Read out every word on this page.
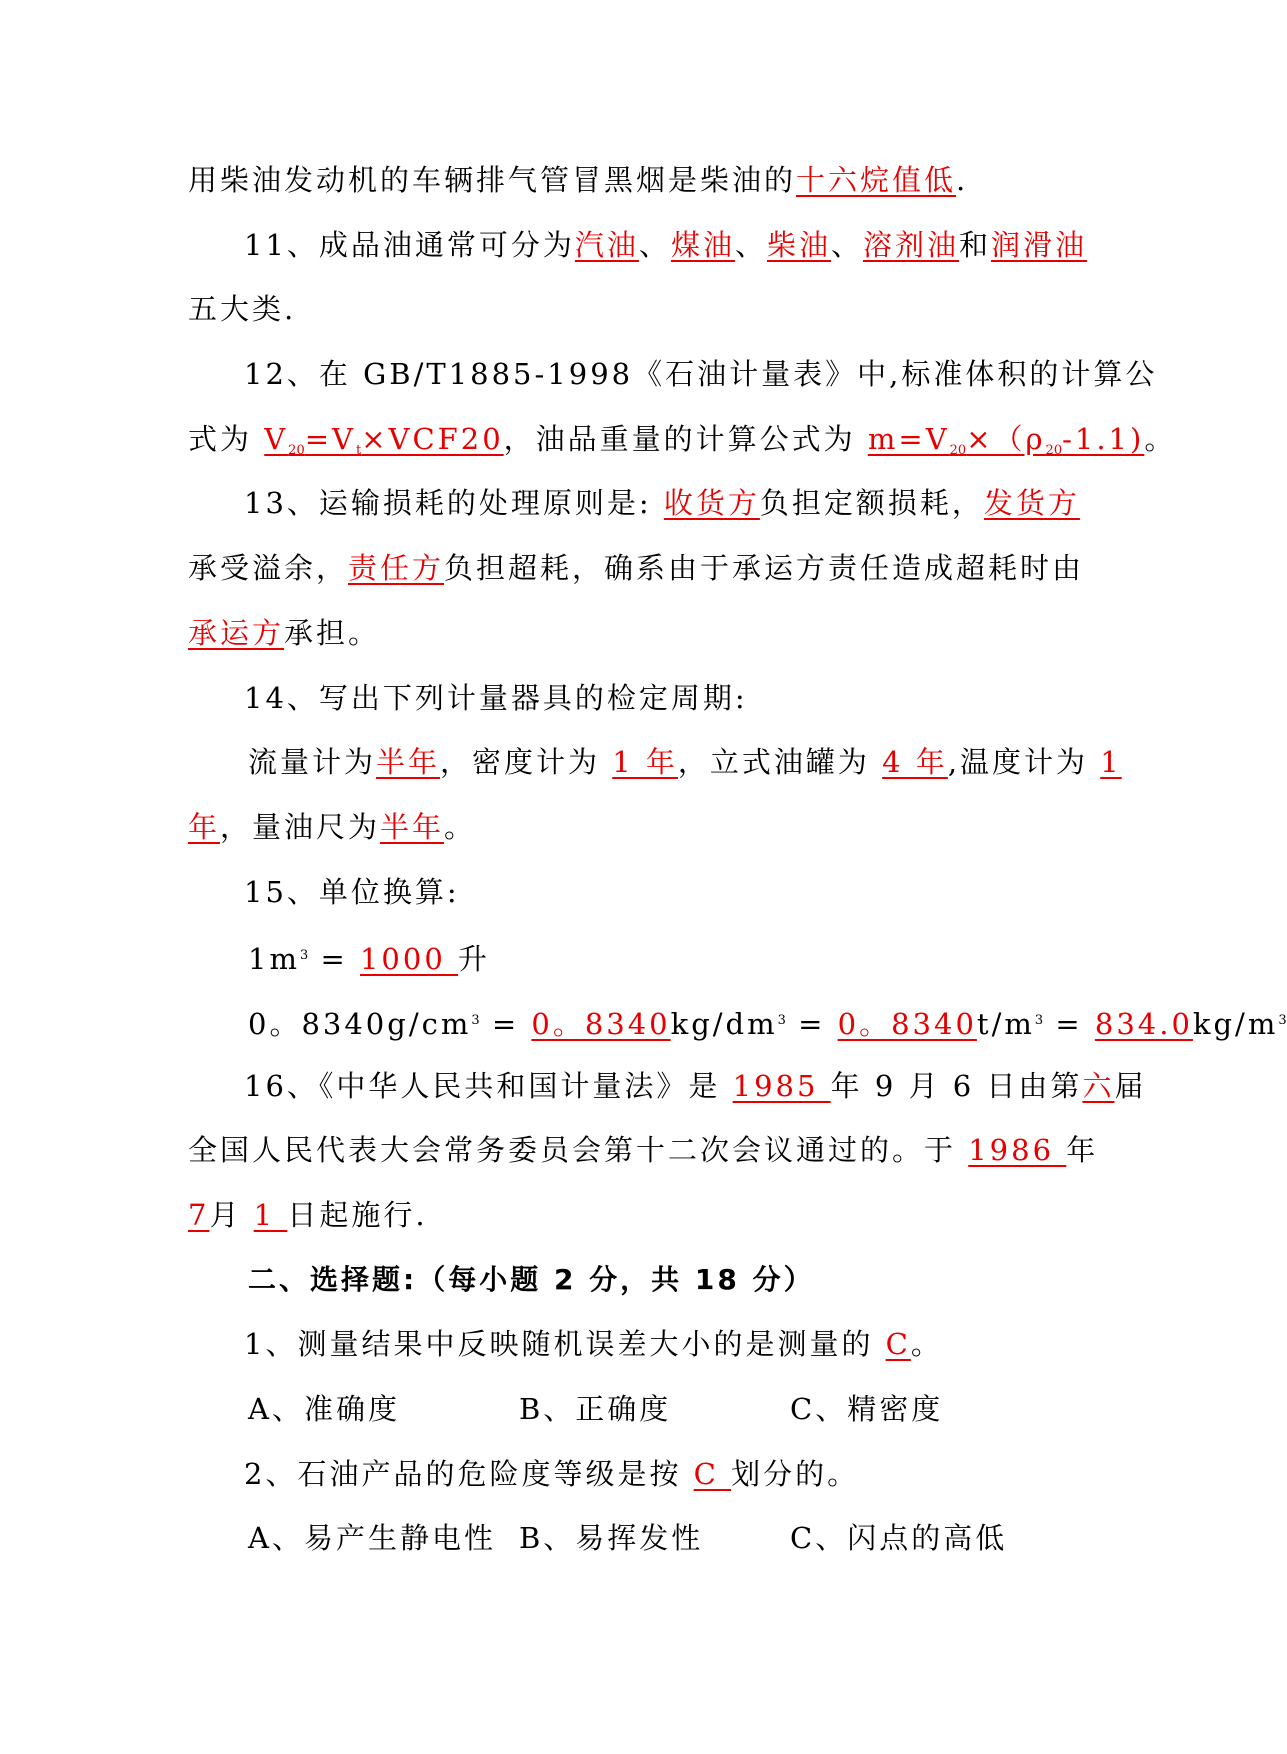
用柴油发动机的车辆排气管冒黑烟是柴油的十六烷值低.
11、成品油通常可分为汽油、煤油、柴油、溶剂油和润滑油
五大类.
12、在 GB/T1885-1998《石油计量表》中,标准体积的计算公
式为 $V_{20}=V_t\times VCF20$，油品重量的计算公式为 $m=V_{20}\times(\rho_{20}-1.1)$。
13、运输损耗的处理原则是: 收货方负担定额损耗，发货方
承受溢余，责任方负担超耗，确系由于承运方责任造成超耗时由
承运方承担。
14、写出下列计量器具的检定周期:
流量计为半年，密度计为 1 年，立式油罐为 4 年,温度计为 1
年，量油尺为半年。
15、单位换算:
$1m^3 = 1000$ 升
0。$8340g/cm^3 = 0$。$8340kg/dm^3 = 0$。$8340t/m^3 = 834.0kg/m^3$
16、《中华人民共和国计量法》是 1985 年 9 月 6 日由第六届
全国人民代表大会常务委员会第十二次会议通过的。于 1986 年
7月 1 日起施行.
二、选择题:（每小题 2 分，共 18 分）
1、测量结果中反映随机误差大小的是测量的 C。
A、准确度	B、正确度	C、精密度
2、石油产品的危险度等级是按 C 划分的。
A、易产生静电性 B、易挥发性	C、闪点的高低
